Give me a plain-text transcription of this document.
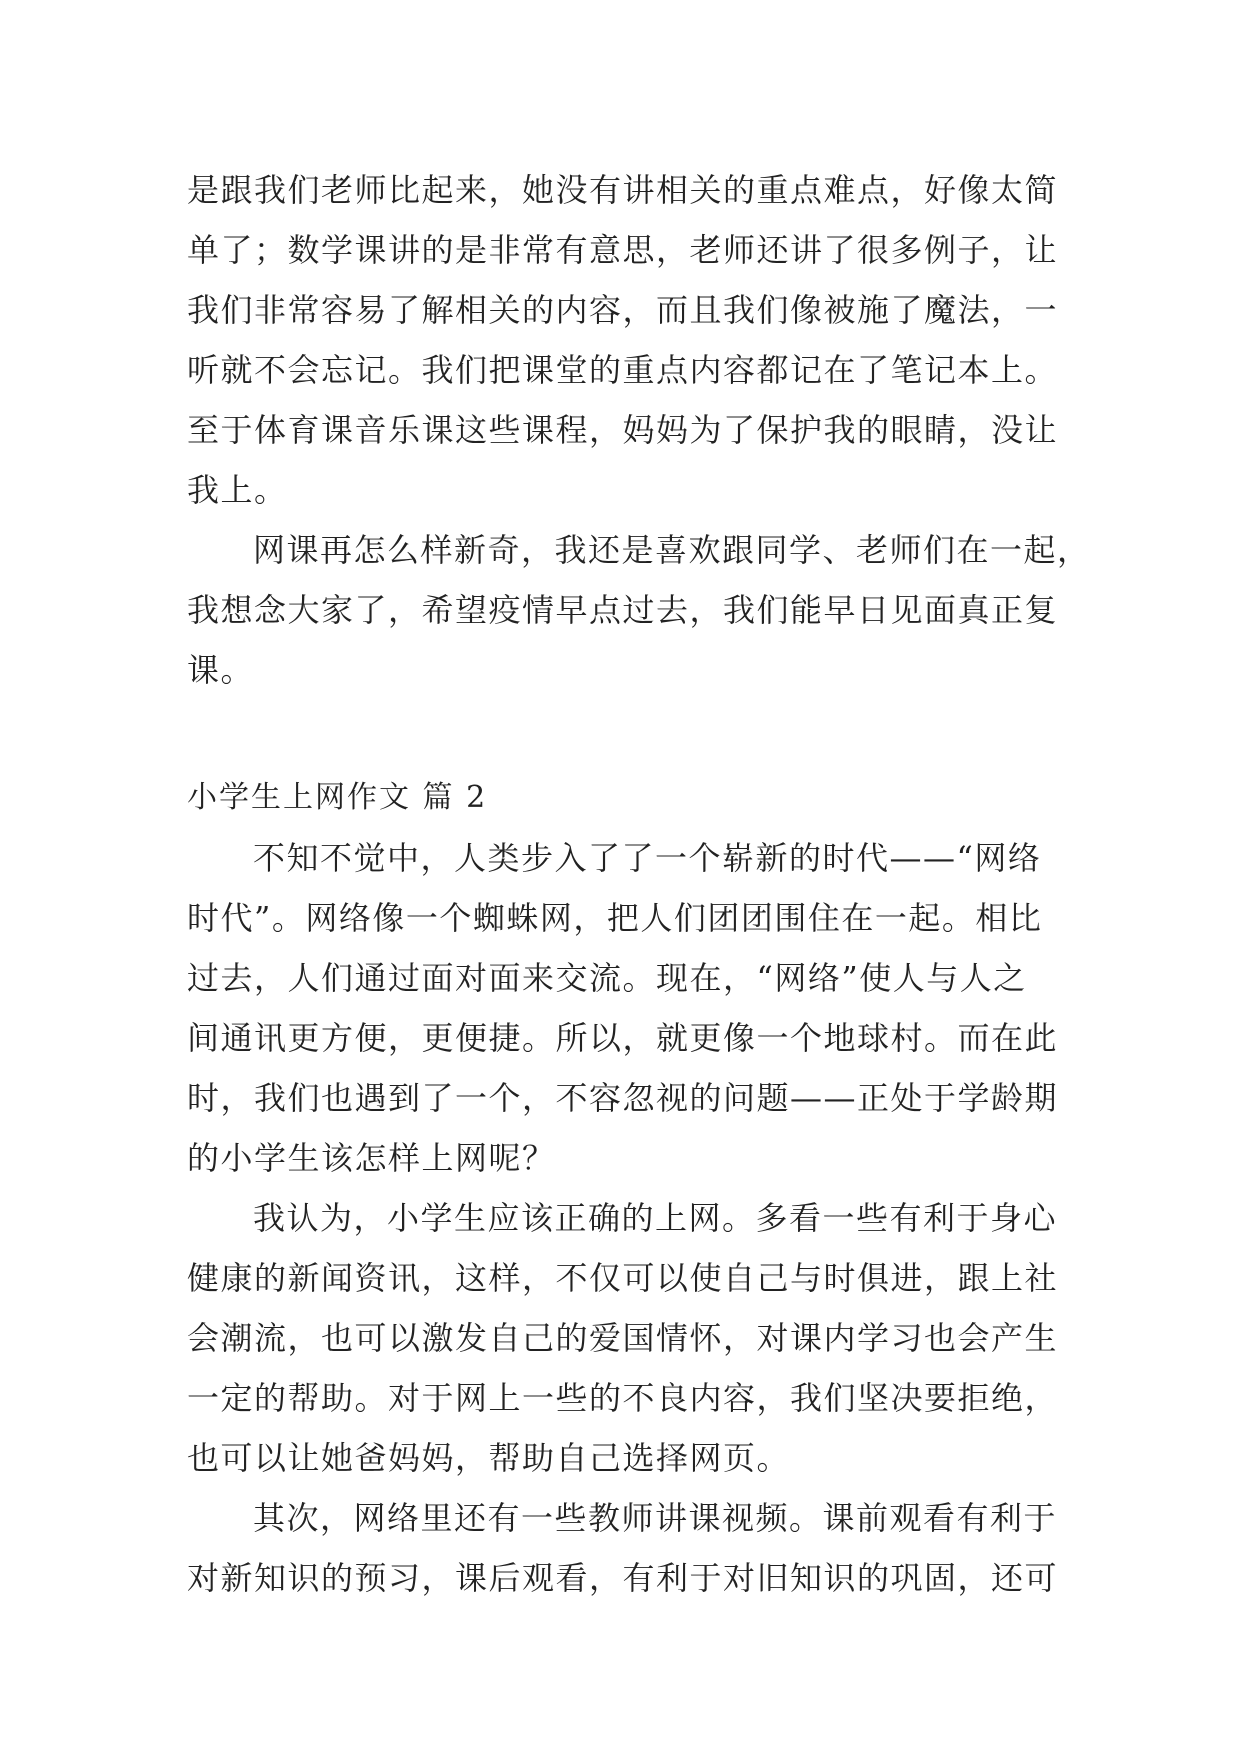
是跟我们老师比起来，她没有讲相关的重点难点，好像太简
单了；数学课讲的是非常有意思，老师还讲了很多例子，让
我们非常容易了解相关的内容，而且我们像被施了魔法，一
听就不会忘记。我们把课堂的重点内容都记在了笔记本上。
至于体育课音乐课这些课程，妈妈为了保护我的眼睛，没让
我上。
网课再怎么样新奇，我还是喜欢跟同学、老师们在一起，
我想念大家了，希望疫情早点过去，我们能早日见面真正复
课。
小学生上网作文 篇 2
不知不觉中，人类步入了了一个崭新的时代——“网络
时代”。网络像一个蜘蛛网，把人们团团围住在一起。相比
过去，人们通过面对面来交流。现在，“网络”使人与人之
间通讯更方便，更便捷。所以，就更像一个地球村。而在此
时，我们也遇到了一个，不容忽视的问题——正处于学龄期
的小学生该怎样上网呢？
我认为，小学生应该正确的上网。多看一些有利于身心
健康的新闻资讯，这样，不仅可以使自己与时俱进，跟上社
会潮流，也可以激发自己的爱国情怀，对课内学习也会产生
一定的帮助。对于网上一些的不良内容，我们坚决要拒绝，
也可以让她爸妈妈，帮助自己选择网页。
其次，网络里还有一些教师讲课视频。课前观看有利于
对新知识的预习，课后观看，有利于对旧知识的巩固，还可
